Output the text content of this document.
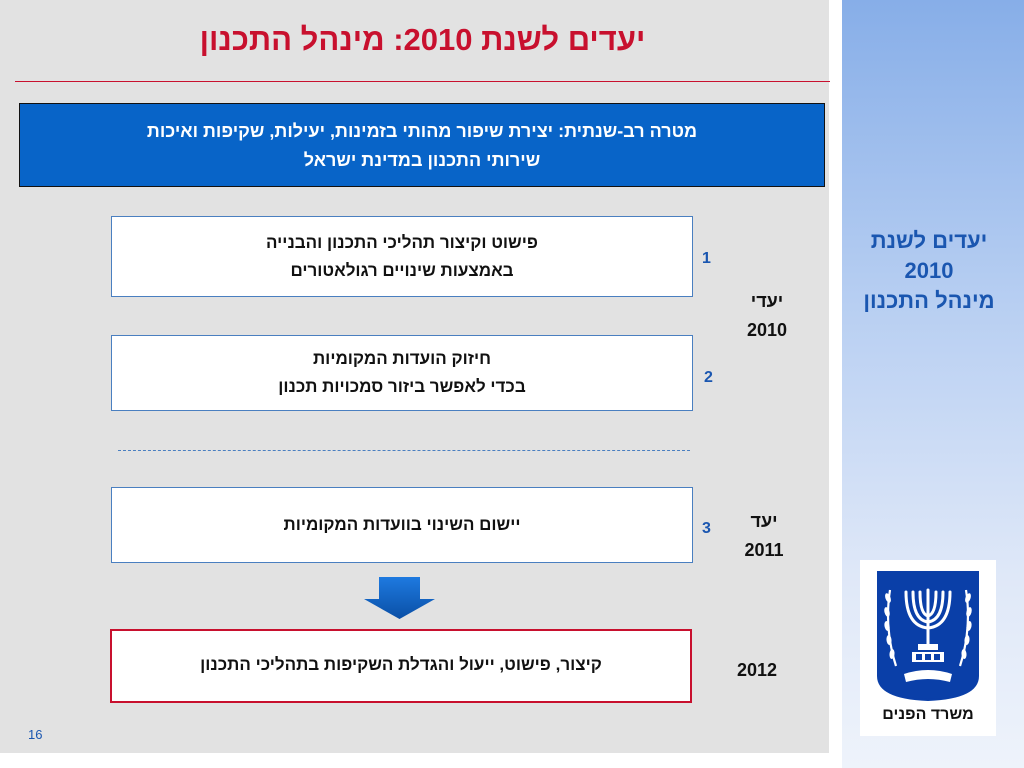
יעדים לשנת 2010: מינהל התכנון
מטרה רב-שנתית: יצירת שיפור מהותי בזמינות, יעילות, שקיפות ואיכות
שירותי התכנון במדינת ישראל
פישוט וקיצור תהליכי התכנון והבנייה
באמצעות שינויים רגולאטורים
1
חיזוק הועדות המקומיות
בכדי לאפשר ביזור סמכויות תכנון	2
יעדי
2010
יישום השינוי בוועדות המקומיות	3	יעד
2011
קיצור, פישוט, ייעול והגדלת השקיפות בתהליכי התכנון	2012
16
יעדים לשנת
2010
מינהל התכנון
משרד הפנים
